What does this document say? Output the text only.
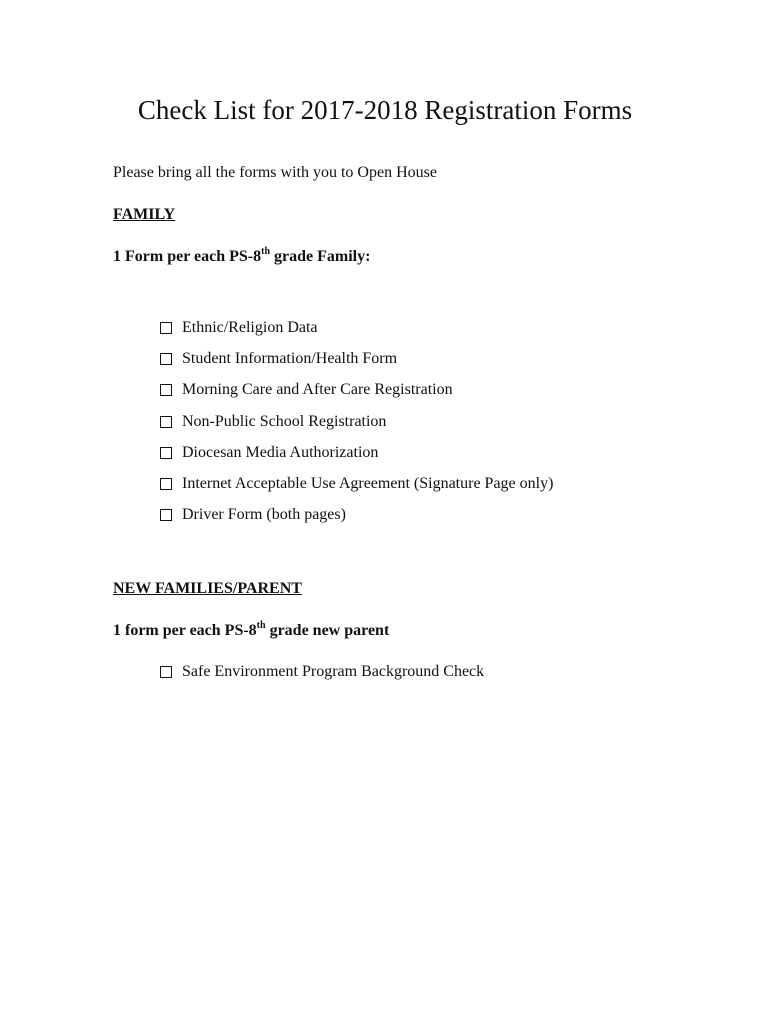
Check List for 2017-2018 Registration Forms

Please bring all the forms with you to Open House

FAMILY

1 Form per each PS-8th grade Family:

Ethnic/Religion Data
Student Information/Health Form
Morning Care and After Care Registration
Non-Public School Registration
Diocesan Media Authorization
Internet Acceptable Use Agreement (Signature Page only)
Driver Form (both pages)

NEW FAMILIES/PARENT

1 form per each PS-8th grade new parent

Safe Environment Program Background Check
